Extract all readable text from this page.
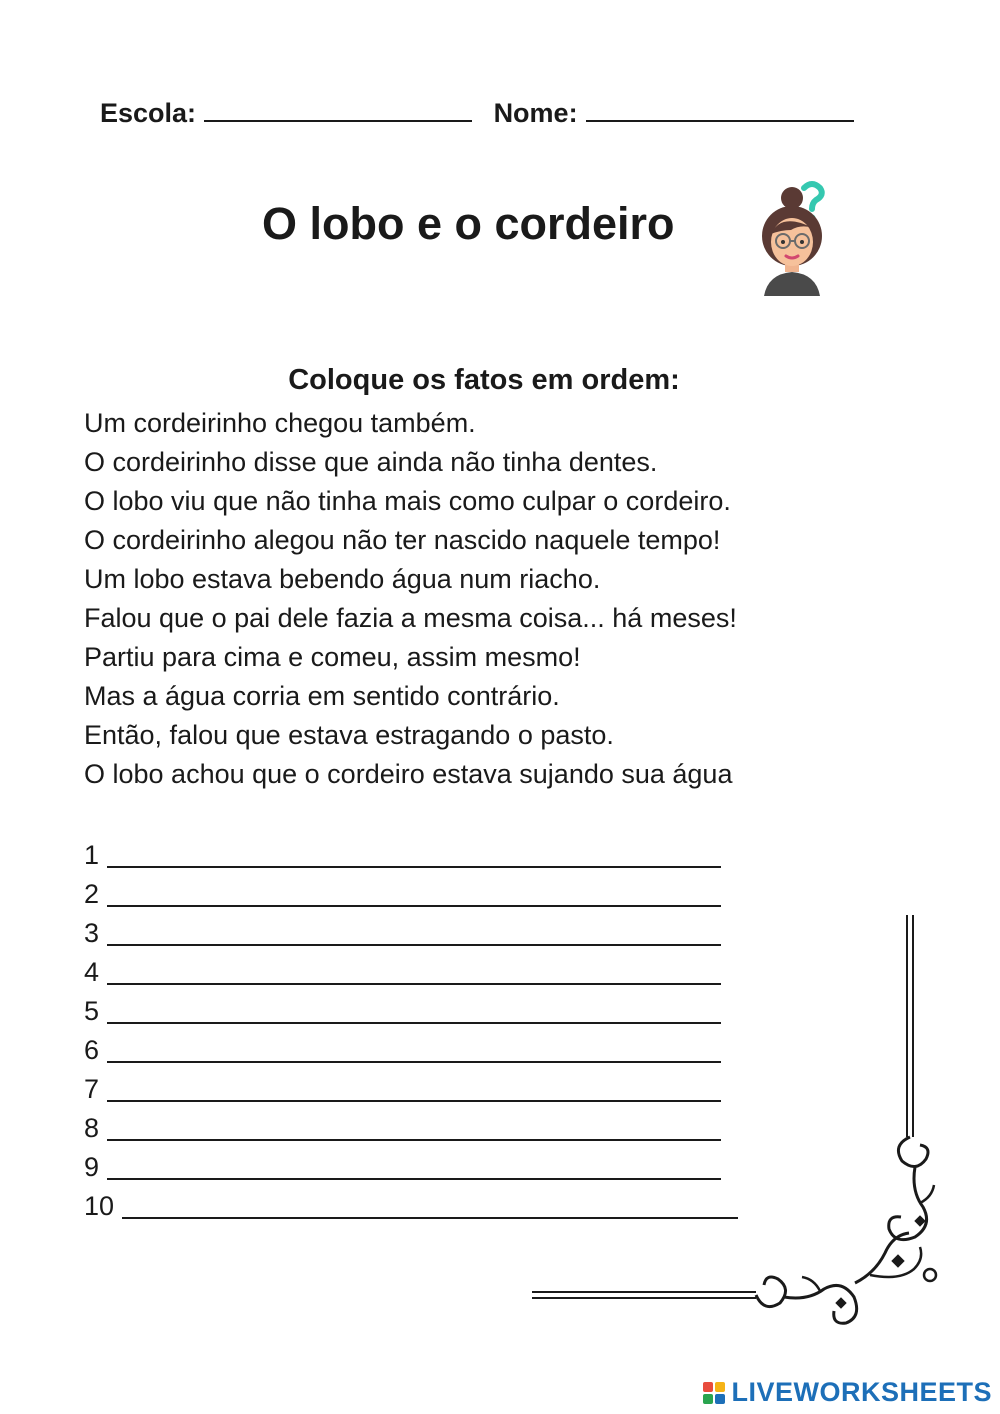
Escola:	Nome:
O lobo e o cordeiro
Coloque os fatos em ordem:
Um cordeirinho chegou também.
O cordeirinho disse que ainda não tinha dentes.
O lobo viu que não tinha mais como culpar o cordeiro.
O cordeirinho alegou não ter nascido naquele tempo!
Um lobo estava bebendo água num riacho.
Falou que o pai dele fazia a mesma coisa... há meses!
Partiu para cima e comeu, assim mesmo!
Mas a água corria em sentido contrário.
Então, falou que estava estragando o pasto.
O lobo achou que o cordeiro estava sujando sua água
1
2
3
4
5
6
7
8
9
10
LIVEWORKSHEETS
